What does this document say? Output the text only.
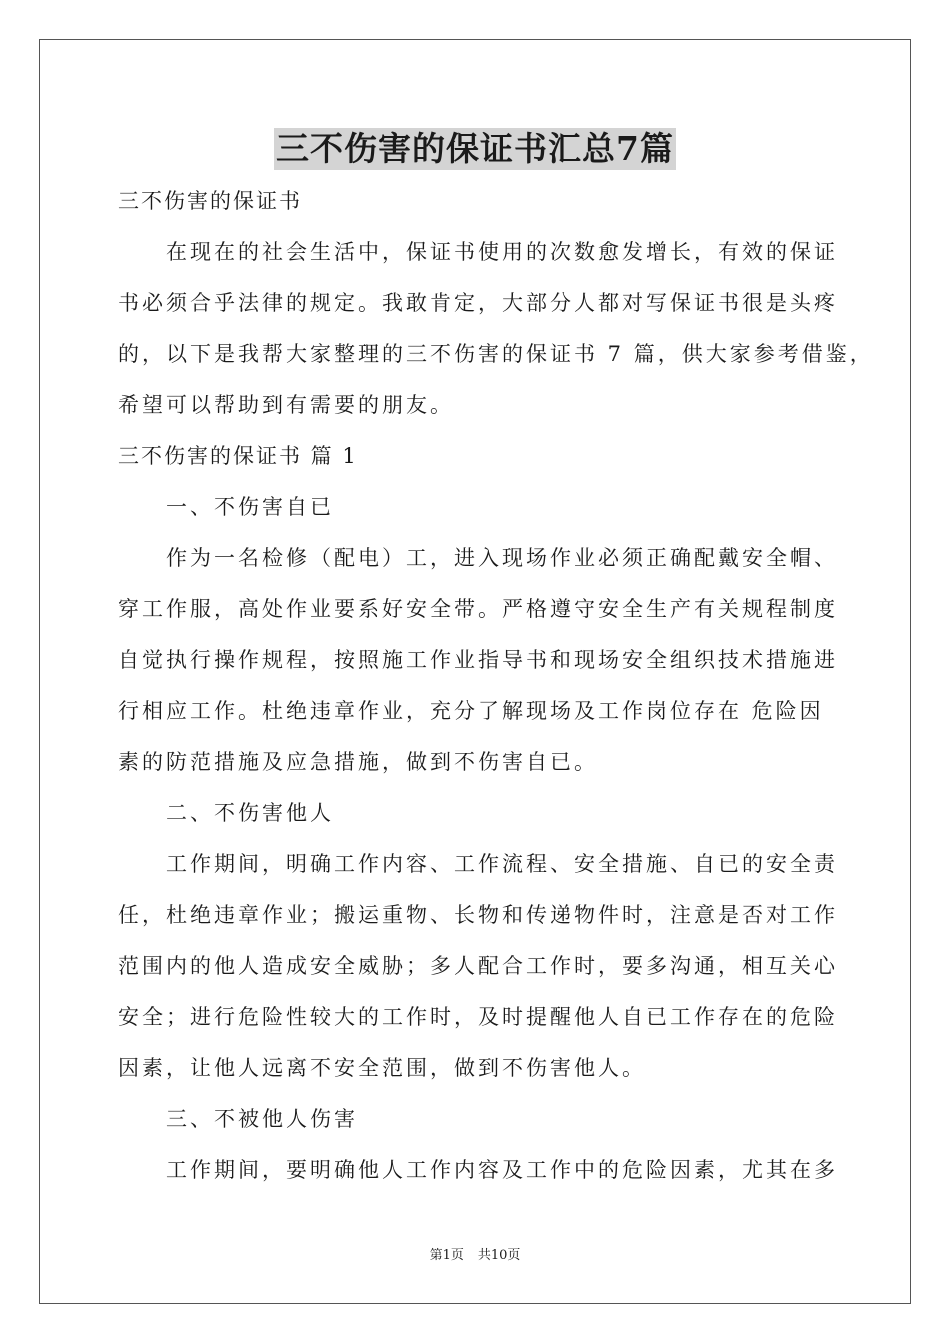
三不伤害的保证书汇总7篇
三不伤害的保证书
在现在的社会生活中，保证书使用的次数愈发增长，有效的保证
书必须合乎法律的规定。我敢肯定，大部分人都对写保证书很是头疼
的，以下是我帮大家整理的三不伤害的保证书 7 篇，供大家参考借鉴，
希望可以帮助到有需要的朋友。
三不伤害的保证书 篇 1
一、不伤害自已
作为一名检修（配电）工，进入现场作业必须正确配戴安全帽、
穿工作服，高处作业要系好安全带。严格遵守安全生产有关规程制度
自觉执行操作规程，按照施工作业指导书和现场安全组织技术措施进
行相应工作。杜绝违章作业，充分了解现场及工作岗位存在 危险因
素的防范措施及应急措施，做到不伤害自已。
二、不伤害他人
工作期间，明确工作内容、工作流程、安全措施、自已的安全责
任，杜绝违章作业；搬运重物、长物和传递物件时，注意是否对工作
范围内的他人造成安全威胁；多人配合工作时，要多沟通，相互关心
安全；进行危险性较大的工作时，及时提醒他人自已工作存在的危险
因素，让他人远离不安全范围，做到不伤害他人。
三、不被他人伤害
工作期间，要明确他人工作内容及工作中的危险因素，尤其在多
第1页 共10页
